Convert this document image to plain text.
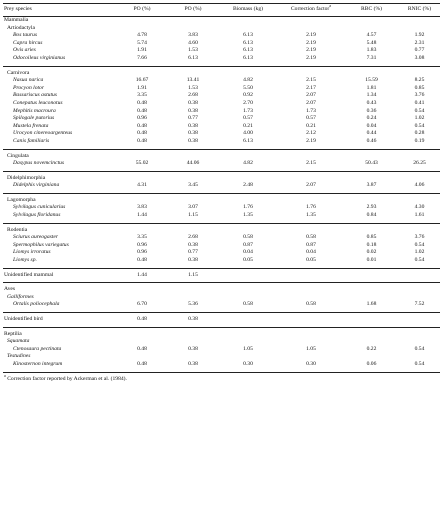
Prey species	PO (%)	PO (%)	Biomass (kg)	Correction factor$^a$	RBC (%)	RNIC (%)
Mammalia						
Artiodactyla						
Bos taurus	4.78	3.83	6.13	2.19	4.57	1.92
Capra hircus	5.74	4.60	6.13	2.19	5.48	2.31
Ovis aries	1.91	1.53	6.13	2.19	1.83	0.77
Odocoileus virginianus	7.66	6.13	6.13	2.19	7.31	3.08

Carnivora						
Nasua narica	16.67	13.41	4.82	2.15	15.59	8.25
Procyon lotor	1.91	1.53	5.50	2.17	1.81	0.85
Bassariscus astutus	3.35	2.68	0.92	2.07	1.34	3.76
Conepatus leuconotus	0.48	0.38	2.70	2.07	0.43	0.41
Mephitis macroura	0.48	0.38	1.73	1.73	0.36	0.54
Spilogale putorius	0.96	0.77	0.57	0.57	0.24	1.02
Mustela frenata	0.48	0.38	0.21	0.21	0.04	0.54
Urocyon cinereoargenteus	0.48	0.38	4.00	2.12	0.44	0.28
Canis familiaris	0.48	0.38	6.13	2.19	0.46	0.19

Cingulata						
Dasypus novemcinctus	55.02	44.06	4.82	2.15	50.43	26.25

Didelphimorphia						
Didelphis virginiana	4.31	3.45	2.48	2.07	3.87	4.06

Lagomorpha						
Sylvilagus cunicularius	3.83	3.07	1.76	1.76	2.93	4.30
Sylvilagus floridanus	1.44	1.15	1.35	1.35	0.84	1.61

Rodentia						
Sciurus aureogaster	3.35	2.68	0.58	0.58	0.85	3.76
Spermophilus variegatus	0.96	0.38	0.87	0.87	0.18	0.54
Liomys irroratus	0.96	0.77	0.04	0.04	0.02	1.02
Liomys sp.	0.48	0.38	0.05	0.05	0.01	0.54

Unidentified mammal	1.44	1.15				

Aves						
Galliformes						
Ortalis poliocephala	6.70	5.36	0.58	0.58	1.68	7.52

Unidentified bird	0.48	0.38				

Reptilia						
Squamata						
Ctenosaura pectinata	0.48	0.38	1.05	1.05	0.22	0.54
Testudines						
Kinosternon integrum	0.48	0.38	0.30	0.30	0.06	0.54

$^a$ Correction factor reported by Ackerman et al. (1984).
